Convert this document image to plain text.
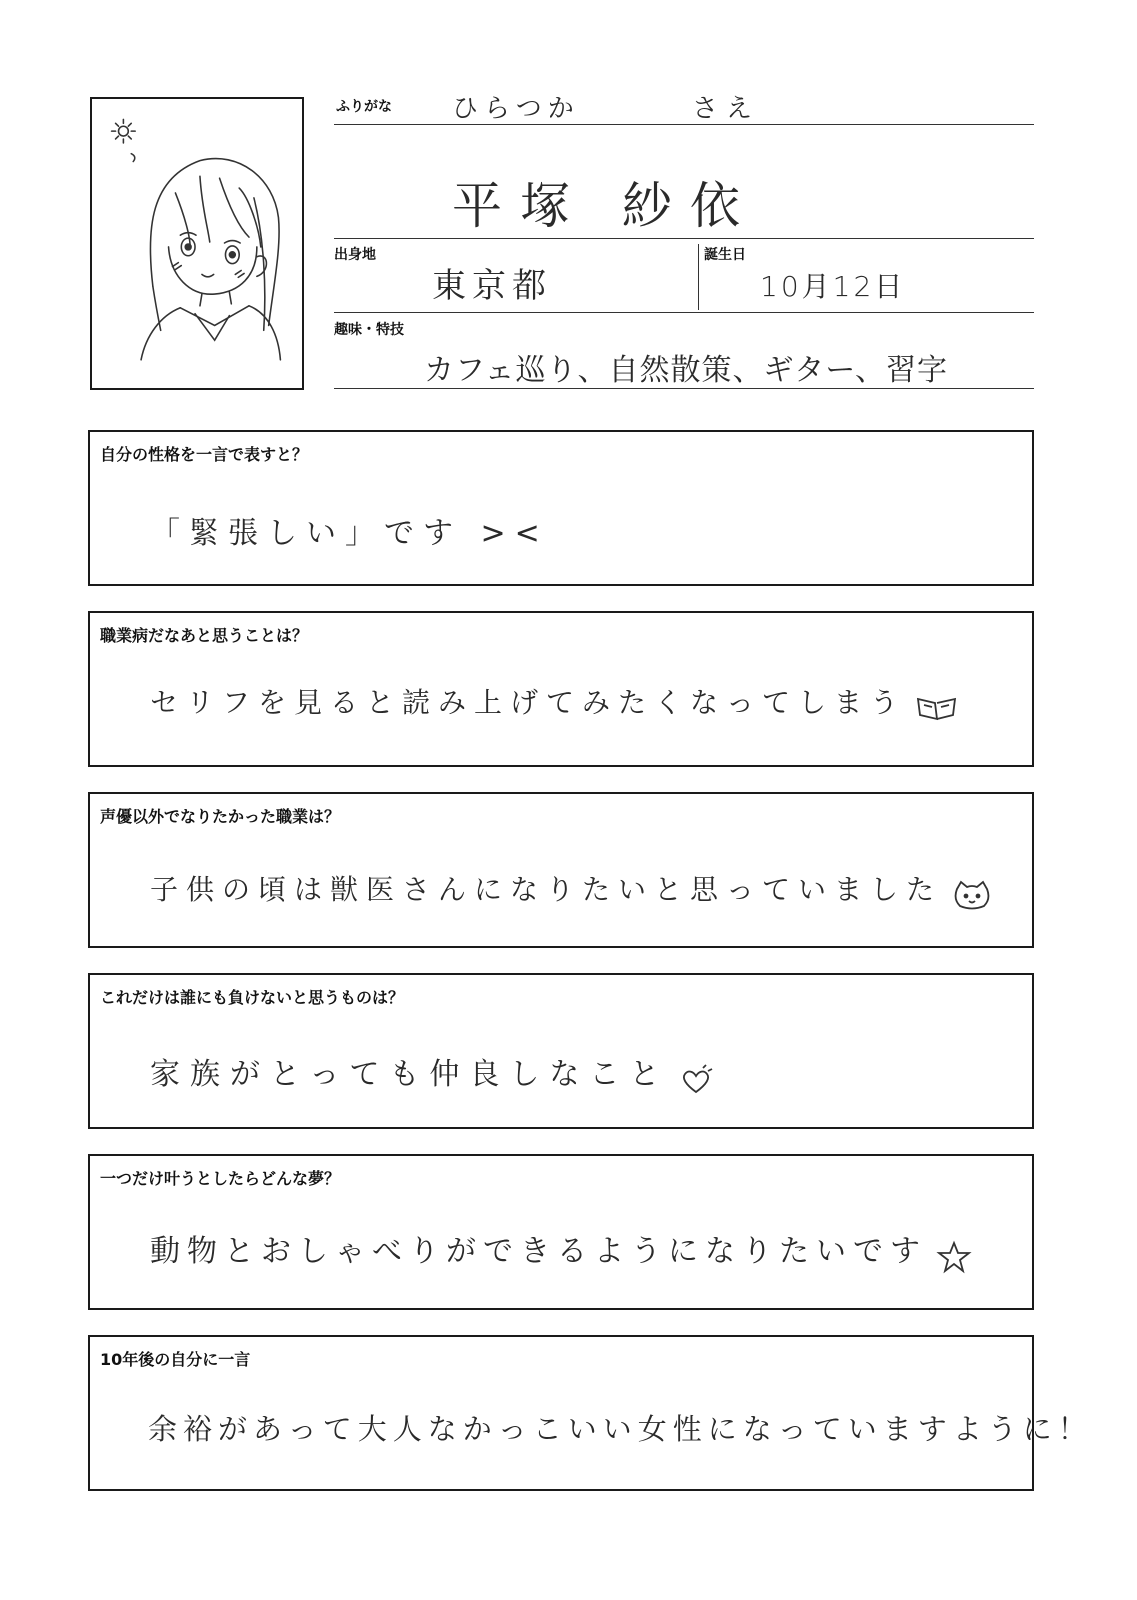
ふりがな ひらつか	さえ
平塚 紗依
出身地
東京都
誕生日
10月12日
趣味・特技
カフェ巡り、自然散策、ギター、習字
自分の性格を一言で表すと？
「緊張しい」です ><
職業病だなあと思うことは？
セリフを見ると読み上げてみたくなってしまう
声優以外でなりたかった職業は？
子供の頃は獣医さんになりたいと思っていました
これだけは誰にも負けないと思うものは？
家族がとっても仲良しなこと
一つだけ叶うとしたらどんな夢？
動物とおしゃべりができるようになりたいです
10年後の自分に一言
余裕があって大人なかっこいい女性になっていますように！
